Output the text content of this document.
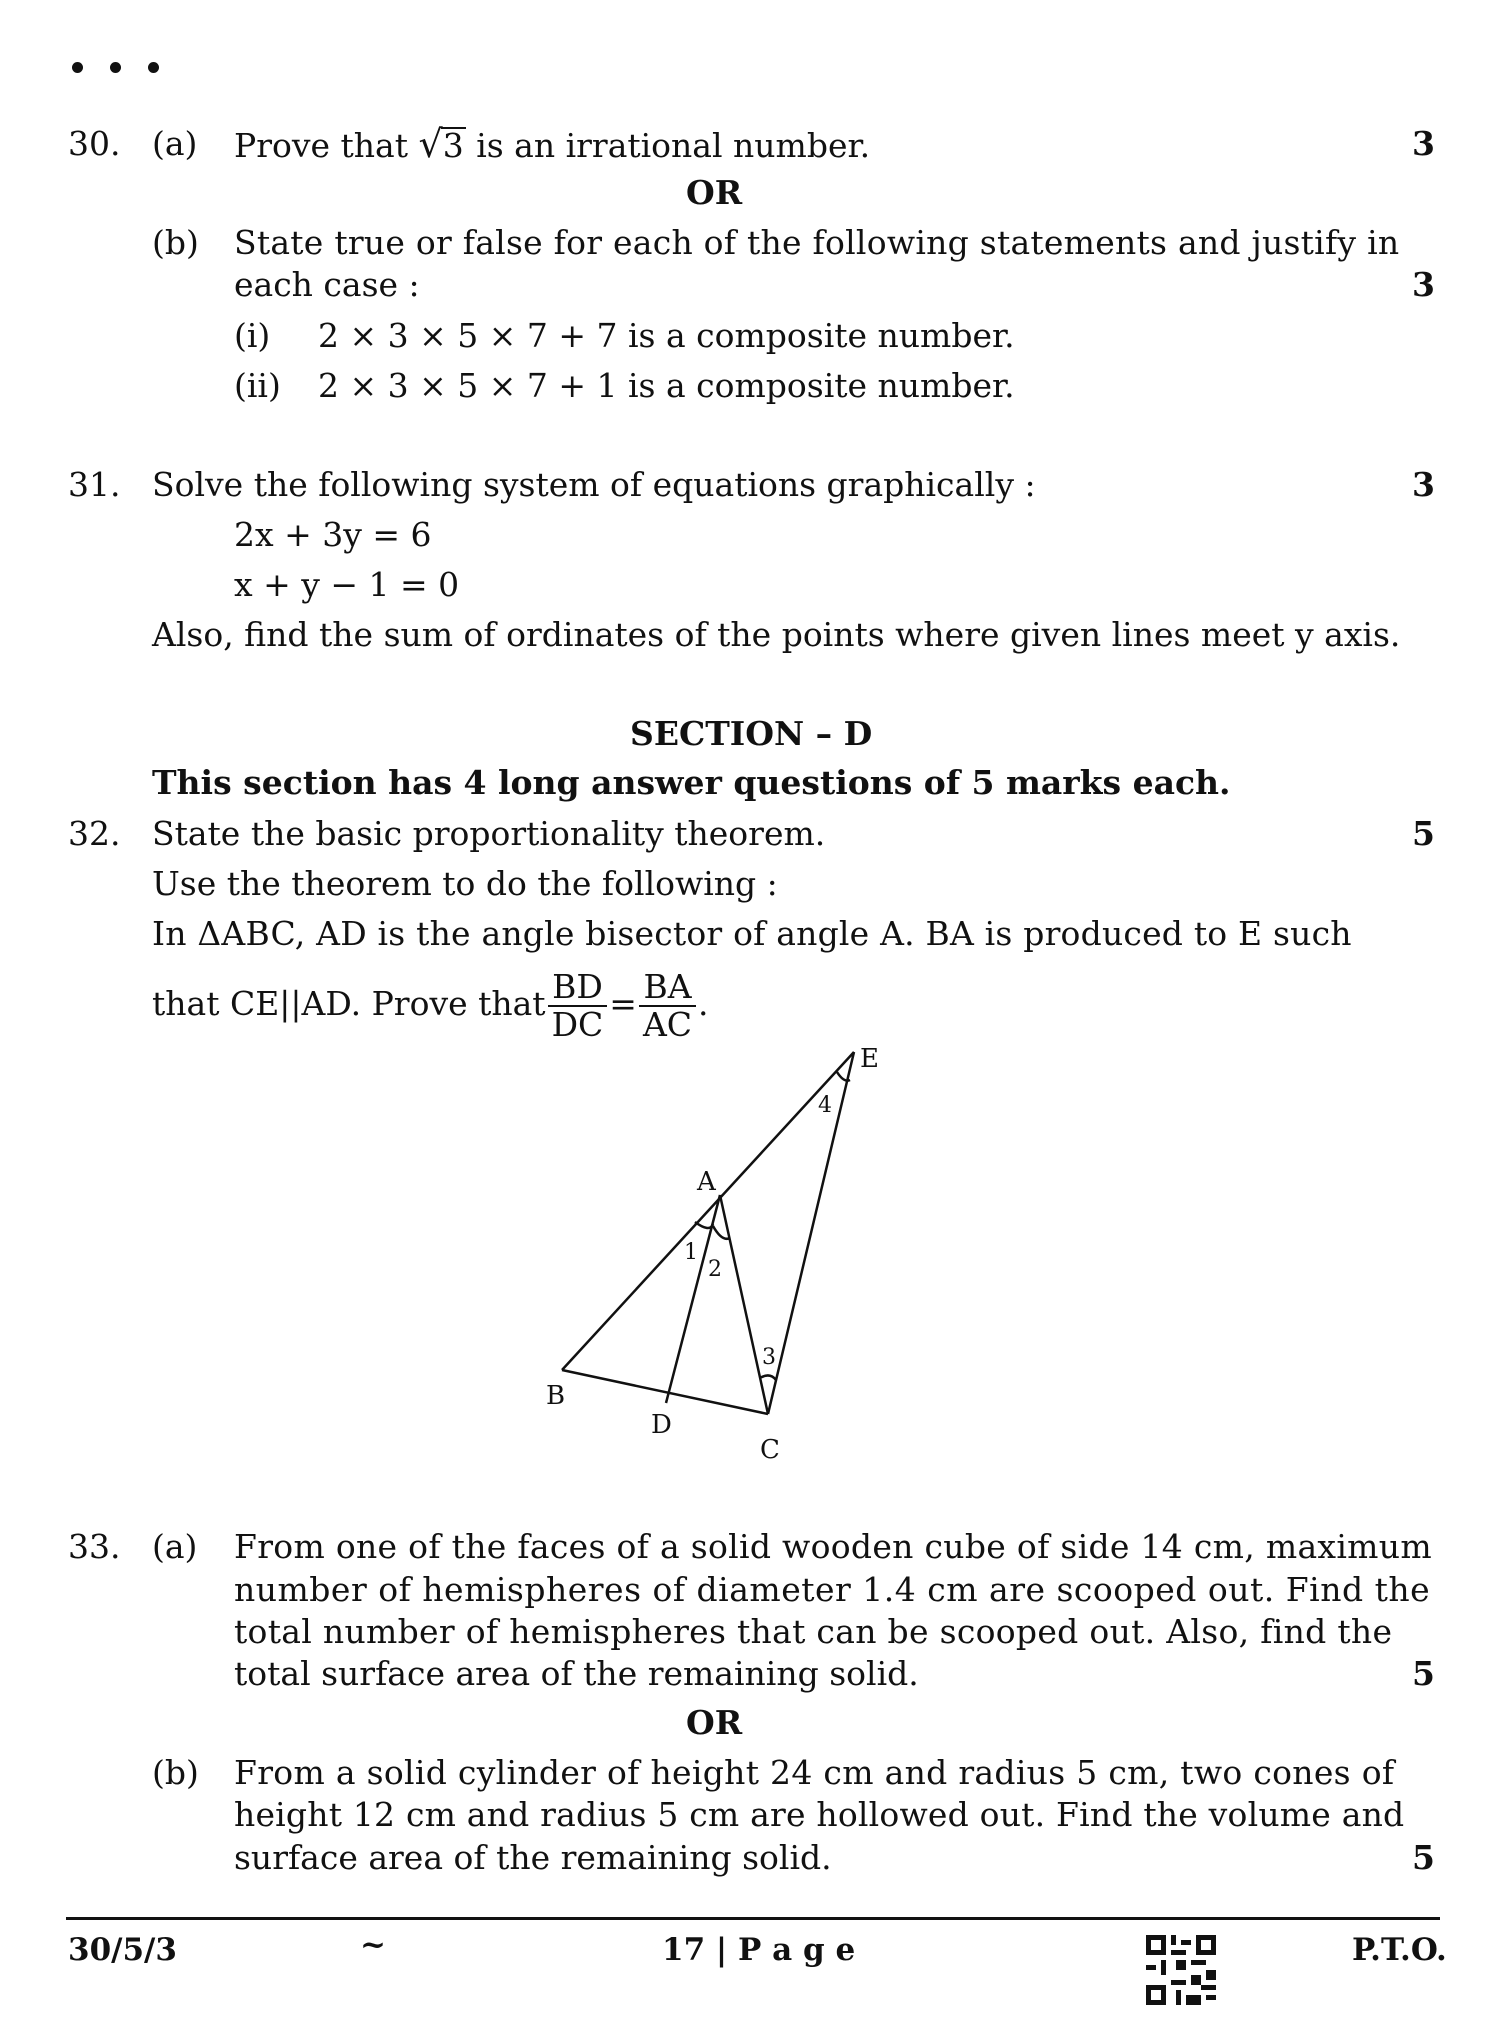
30. (a) Prove that √3 is an irrational number.	3
OR
(b) State true or false for each of the following statements and justify in
each case :	3
(i) 2 × 3 × 5 × 7 + 7 is a composite number.
(ii) 2 × 3 × 5 × 7 + 1 is a composite number.
31. Solve the following system of equations graphically :	3
2x + 3y = 6
x + y − 1 = 0
Also, find the sum of ordinates of the points where given lines meet y axis.
SECTION – D
This section has 4 long answer questions of 5 marks each.
32. State the basic proportionality theorem.	5
Use the theorem to do the following :
In ΔABC, AD is the angle bisector of angle A. BA is produced to E such
that CE||AD. Prove that $\frac{BD}{DC} = \frac{BA}{AC}$ .
A
B
C
D
E
1
2
3
4
33. (a) From one of the faces of a solid wooden cube of side 14 cm, maximum
number of hemispheres of diameter 1.4 cm are scooped out. Find the
total number of hemispheres that can be scooped out. Also, find the
total surface area of the remaining solid.	5
OR
(b) From a solid cylinder of height 24 cm and radius 5 cm, two cones of
height 12 cm and radius 5 cm are hollowed out. Find the volume and
surface area of the remaining solid.	5
30/5/3	~	17 | P a g e	P.T.O.
